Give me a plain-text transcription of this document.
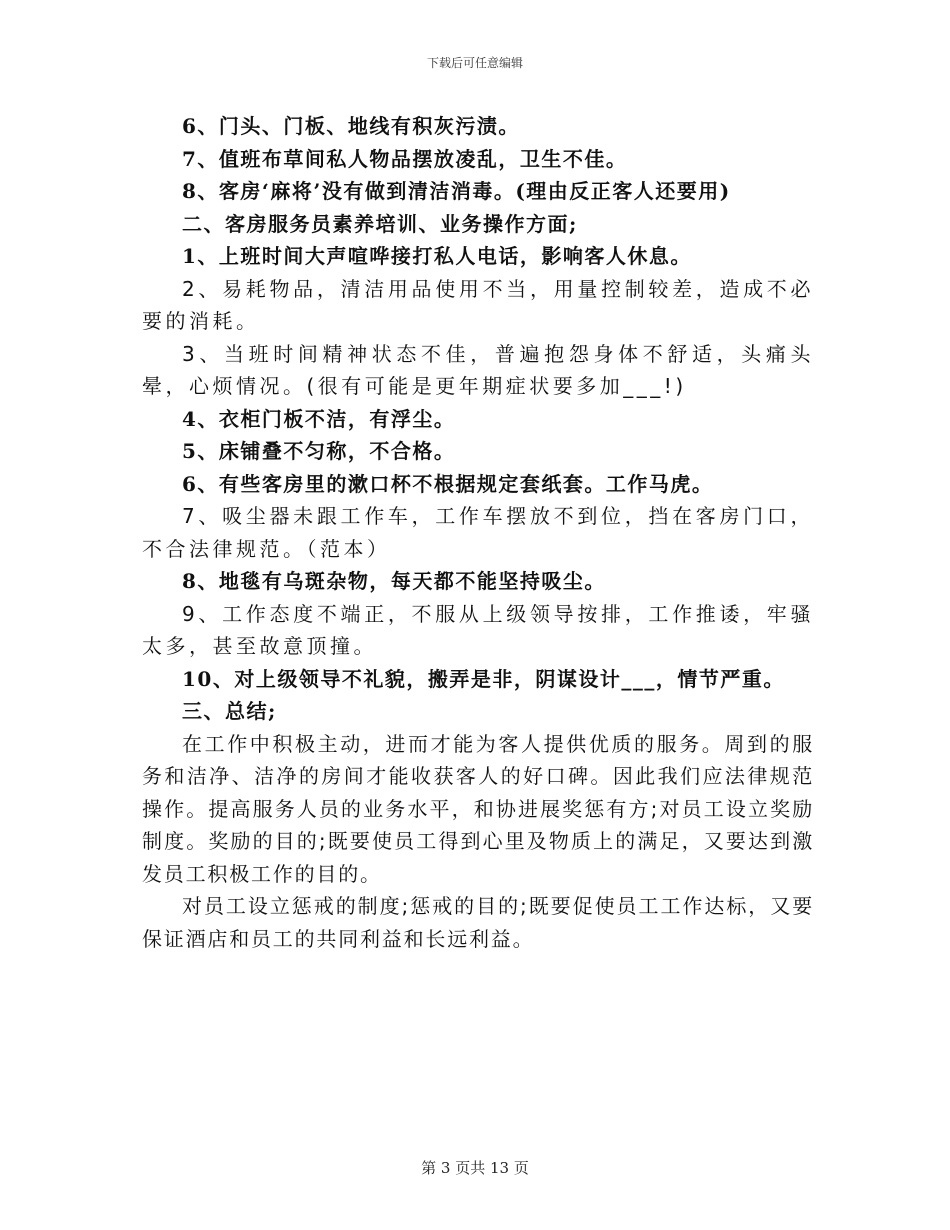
下载后可任意编辑

6、门头、门板、地线有积灰污渍。

7、值班布草间私人物品摆放凌乱，卫生不佳。

8、客房‘麻将’没有做到清洁消毒。(理由反正客人还要用)

二、客房服务员素养培训、业务操作方面;

1、上班时间大声喧哗接打私人电话，影响客人休息。

2、易耗物品，清洁用品使用不当，用量控制较差，造成不必要的消耗。

3、当班时间精神状态不佳，普遍抱怨身体不舒适，头痛头晕，心烦情况。(很有可能是更年期症状要多加___!)

4、衣柜门板不洁，有浮尘。

5、床铺叠不匀称，不合格。

6、有些客房里的漱口杯不根据规定套纸套。工作马虎。

7、吸尘器未跟工作车，工作车摆放不到位，挡在客房门口，不合法律规范。（范本）

8、地毯有乌斑杂物，每天都不能坚持吸尘。

9、工作态度不端正，不服从上级领导按排，工作推诿，牢骚太多，甚至故意顶撞。

10、对上级领导不礼貌，搬弄是非，阴谋设计___，情节严重。

三、总结;

在工作中积极主动，进而才能为客人提供优质的服务。周到的服务和洁净、洁净的房间才能收获客人的好口碑。因此我们应法律规范操作。提高服务人员的业务水平，和协进展奖惩有方;对员工设立奖励制度。奖励的目的;既要使员工得到心里及物质上的满足，又要达到激发员工积极工作的目的。

对员工设立惩戒的制度;惩戒的目的;既要促使员工工作达标，又要保证酒店和员工的共同利益和长远利益。

第 3 页共 13 页
